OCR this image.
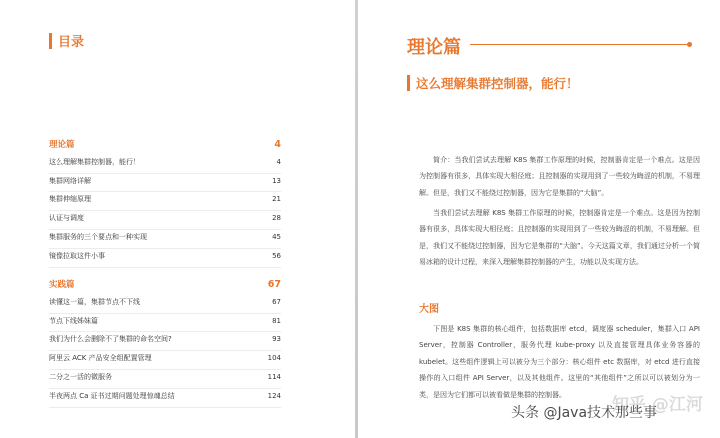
目录
理论篇	4
这么理解集群控制器，能行！	4
集群网络详解	13
集群伸缩原理	21
认证与调度	28
集群服务的三个要点和一种实现	45
镜像拉取这件小事	56
实践篇	67
读懂这一篇，集群节点不下线	67
节点下线姊妹篇	81
我们为什么会删除不了集群的命名空间?	93
阿里云 ACK 产品安全组配置管理	104
二分之一活的微服务	114
半夜两点 Ca 证书过期问题处理惊魂总结	124
理论篇
这么理解集群控制器，能行！

简介：当我们尝试去理解 K8S 集群工作原理的时候，控制器肯定是一个难点。这是因为控制器有很多，具体实现大相径庭；且控制器的实现用到了一些较为晦涩的机制，不易理解。但是，我们又不能绕过控制器，因为它是集群的“大脑”。

当我们尝试去理解 K8S 集群工作原理的时候，控制器肯定是一个难点。这是因为控制器有很多，具体实现大相径庭；且控制器的实现用到了一些较为晦涩的机制，不易理解。但是，我们又不能绕过控制器，因为它是集群的“大脑”。今天这篇文章，我们通过分析一个简易冰箱的设计过程，来深入理解集群控制器的产生，功能以及实现方法。

大图

下图是 K8S 集群的核心组件，包括数据库 etcd，调度器 scheduler，集群入口 API Server，控制器 Controller，服务代理 kube-proxy 以及直接管理具体业务容器的 kubelet。这些组件逻辑上可以被分为三个部分：核心组件 etc 数据库，对 etcd 进行直接操作的入口组件 API Server，以及其他组件。这里的“其他组件”之所以可以被划分为一类，是因为它们都可以被看做是集群的控制器。

知乎 @江河
头条 @Java技术那些事
